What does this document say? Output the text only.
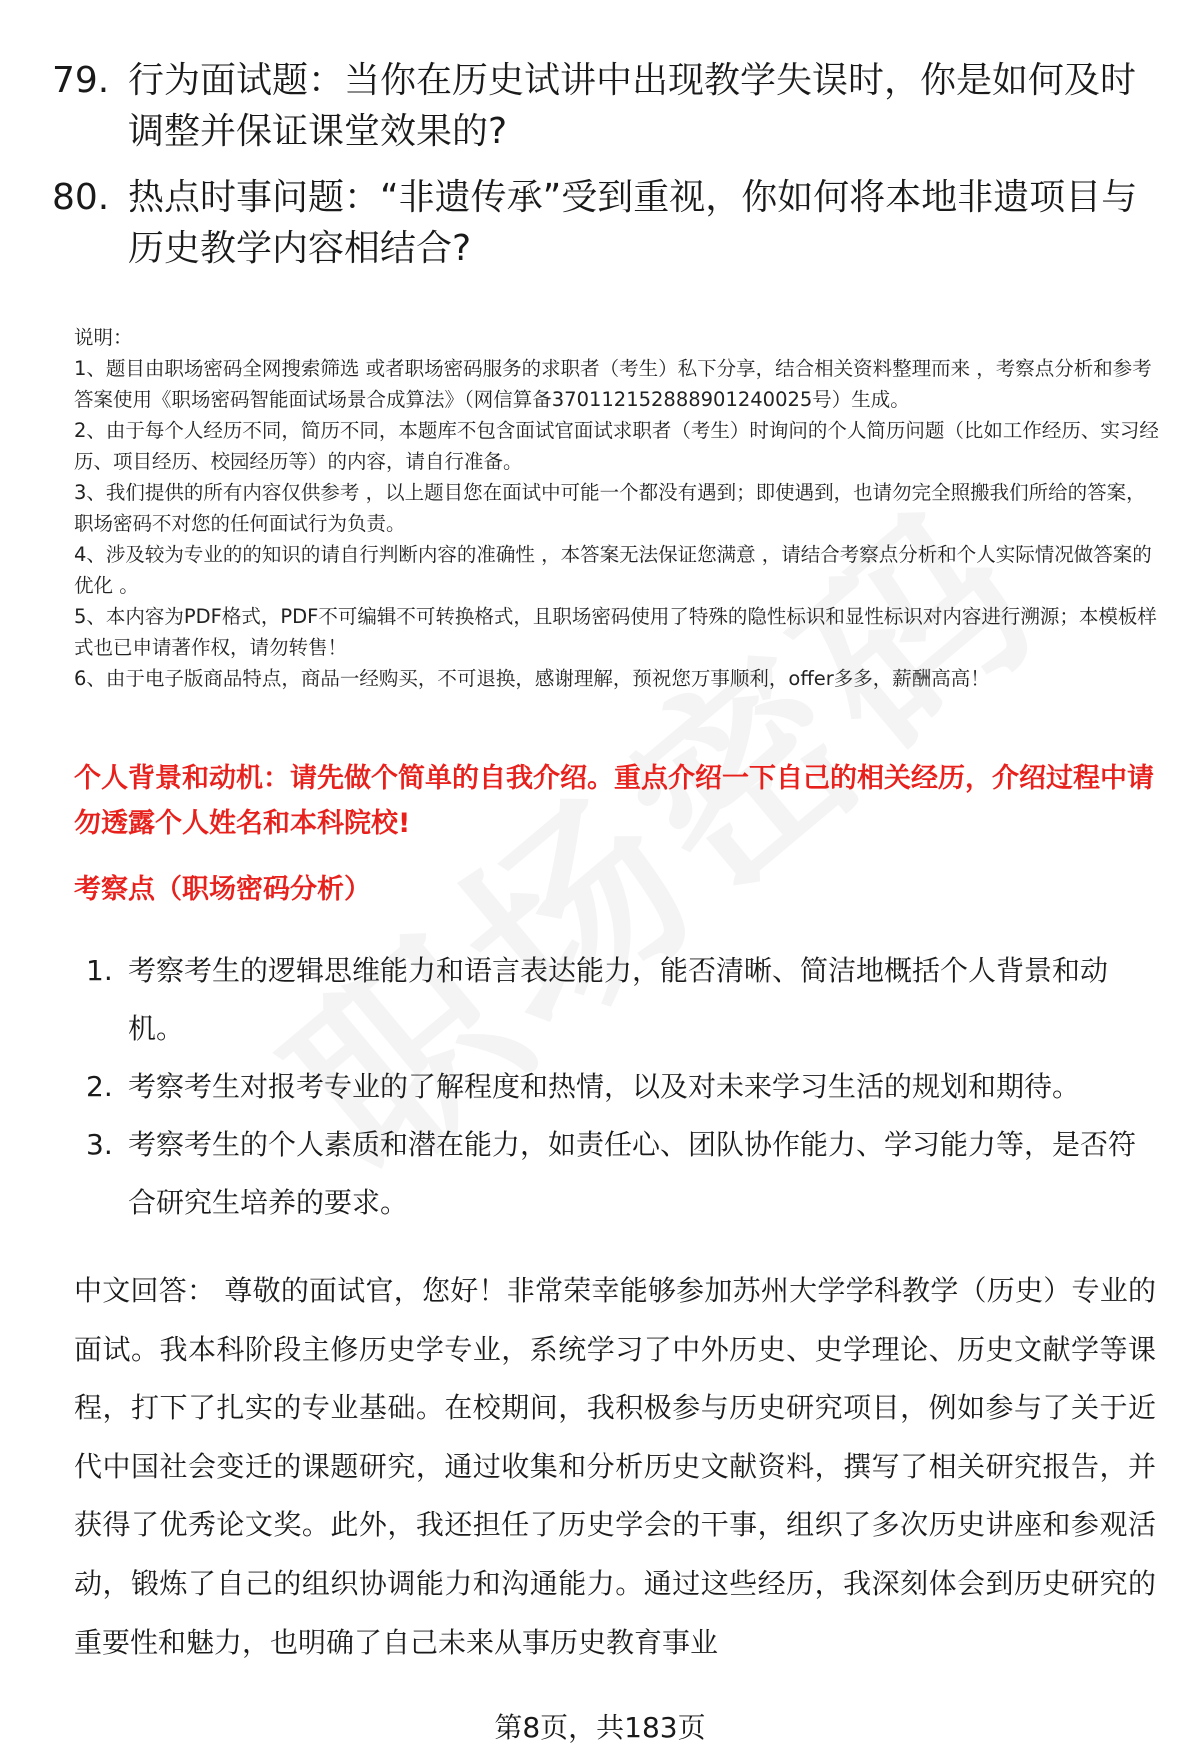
79. 行为面试题：当你在历史试讲中出现教学失误时，你是如何及时调整并保证课堂效果的?
80. 热点时事问题：“非遗传承”受到重视，你如何将本地非遗项目与历史教学内容相结合?

说明：

1、题目由职场密码全网搜索筛选 或者职场密码服务的求职者（考生）私下分享，结合相关资料整理而来 ，考察点分析和参考答案使用《职场密码智能面试场景合成算法》（网信算备370112152888901240025号）生成。

2、由于每个人经历不同，简历不同，本题库不包含面试官面试求职者（考生）时询问的个人简历问题（比如工作经历、实习经历、项目经历、校园经历等）的内容，请自行准备。

3、我们提供的所有内容仅供参考 ，以上题目您在面试中可能一个都没有遇到；即使遇到，也请勿完全照搬我们所给的答案，职场密码不对您的任何面试行为负责。

4、涉及较为专业的的知识的请自行判断内容的准确性 ，本答案无法保证您满意 ，请结合考察点分析和个人实际情况做答案的优化 。

5、本内容为PDF格式，PDF不可编辑不可转换格式，且职场密码使用了特殊的隐性标识和显性标识对内容进行溯源；本模板样式也已申请著作权，请勿转售！

6、由于电子版商品特点，商品一经购买，不可退换，感谢理解，预祝您万事顺利，offer多多，薪酬高高！

个人背景和动机：请先做个简单的自我介绍。重点介绍一下自己的相关经历，介绍过程中请勿透露个人姓名和本科院校!
考察点（职场密码分析）
1. 考察考生的逻辑思维能力和语言表达能力，能否清晰、简洁地概括个人背景和动机。
2. 考察考生对报考专业的了解程度和热情，以及对未来学习生活的规划和期待。
3. 考察考生的个人素质和潜在能力，如责任心、团队协作能力、学习能力等，是否符合研究生培养的要求。
中文回答： 尊敬的面试官，您好！非常荣幸能够参加苏州大学学科教学（历史）专业的面试。我本科阶段主修历史学专业，系统学习了中外历史、史学理论、历史文献学等课程，打下了扎实的专业基础。在校期间，我积极参与历史研究项目，例如参与了关于近代中国社会变迁的课题研究，通过收集和分析历史文献资料，撰写了相关研究报告，并获得了优秀论文奖。此外，我还担任了历史学会的干事，组织了多次历史讲座和参观活动，锻炼了自己的组织协调能力和沟通能力。通过这些经历，我深刻体会到历史研究的重要性和魅力，也明确了自己未来从事历史教育事业
第8页，共183页
